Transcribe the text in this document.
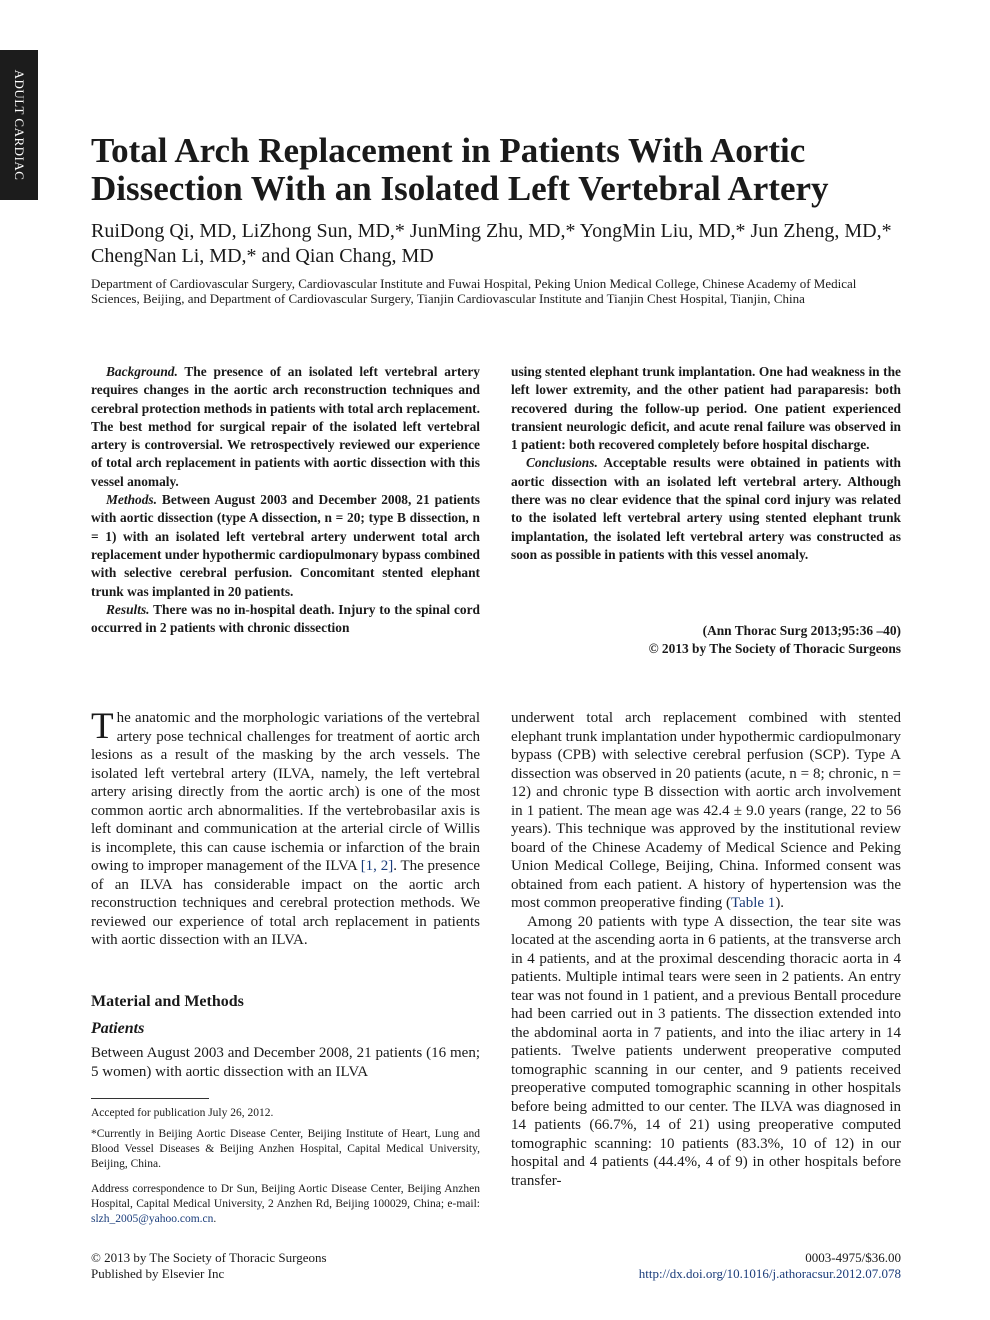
ADULT CARDIAC Total Arch Replacement in Patients With Aortic Dissection With an Isolated Left Vertebral Artery

RuiDong Qi, MD, LiZhong Sun, MD,* JunMing Zhu, MD,* YongMin Liu, MD,* Jun Zheng, MD,* ChengNan Li, MD,* and Qian Chang, MD

Department of Cardiovascular Surgery, Cardiovascular Institute and Fuwai Hospital, Peking Union Medical College, Chinese Academy of Medical Sciences, Beijing, and Department of Cardiovascular Surgery, Tianjin Cardiovascular Institute and Tianjin Chest Hospital, Tianjin, China

Background. The presence of an isolated left vertebral artery requires changes in the aortic arch reconstruction techniques and cerebral protection methods in patients with total arch replacement. The best method for surgical repair of the isolated left vertebral artery is controversial. We retrospectively reviewed our experience of total arch replacement in patients with aortic dissection with this vessel anomaly.

Methods. Between August 2003 and December 2008, 21 patients with aortic dissection (type A dissection, n = 20; type B dissection, n = 1) with an isolated left vertebral artery underwent total arch replacement under hypothermic cardiopulmonary bypass combined with selective cerebral perfusion. Concomitant stented elephant trunk was implanted in 20 patients.

Results. There was no in-hospital death. Injury to the spinal cord occurred in 2 patients with chronic dissection

using stented elephant trunk implantation. One had weakness in the left lower extremity, and the other patient had paraparesis: both recovered during the follow-up period. One patient experienced transient neurologic deficit, and acute renal failure was observed in 1 patient: both recovered completely before hospital discharge.

Conclusions. Acceptable results were obtained in patients with aortic dissection with an isolated left vertebral artery. Although there was no clear evidence that the spinal cord injury was related to the isolated left vertebral artery using stented elephant trunk implantation, the isolated left vertebral artery was constructed as soon as possible in patients with this vessel anomaly.

(Ann Thorac Surg 2013;95:36 –40)

© 2013 by The Society of Thoracic Surgeons

The anatomic and the morphologic variations of the vertebral artery pose technical challenges for treatment of aortic arch lesions as a result of the masking by the arch vessels. The isolated left vertebral artery (ILVA, namely, the left vertebral artery arising directly from the aortic arch) is one of the most common aortic arch abnormalities. If the vertebrobasilar axis is left dominant and communication at the arterial circle of Willis is incomplete, this can cause ischemia or infarction of the brain owing to improper management of the ILVA [1, 2]. The presence of an ILVA has considerable impact on the aortic arch reconstruction techniques and cerebral protection methods. We reviewed our experience of total arch replacement in patients with aortic dissection with an ILVA.

Material and Methods
Patients

Between August 2003 and December 2008, 21 patients (16 men; 5 women) with aortic dissection with an ILVA

Accepted for publication July 26, 2012.

*Currently in Beijing Aortic Disease Center, Beijing Institute of Heart, Lung and Blood Vessel Diseases & Beijing Anzhen Hospital, Capital Medical University, Beijing, China.

Address correspondence to Dr Sun, Beijing Aortic Disease Center, Beijing Anzhen Hospital, Capital Medical University, 2 Anzhen Rd, Beijing 100029, China; e-mail: slzh_2005@yahoo.com.cn.

underwent total arch replacement combined with stented elephant trunk implantation under hypothermic cardiopulmonary bypass (CPB) with selective cerebral perfusion (SCP). Type A dissection was observed in 20 patients (acute, n = 8; chronic, n = 12) and chronic type B dissection with aortic arch involvement in 1 patient. The mean age was 42.4 ± 9.0 years (range, 22 to 56 years). This technique was approved by the institutional review board of the Chinese Academy of Medical Science and Peking Union Medical College, Beijing, China. Informed consent was obtained from each patient. A history of hypertension was the most common preoperative finding (Table 1).

Among 20 patients with type A dissection, the tear site was located at the ascending aorta in 6 patients, at the transverse arch in 4 patients, and at the proximal descending thoracic aorta in 4 patients. Multiple intimal tears were seen in 2 patients. An entry tear was not found in 1 patient, and a previous Bentall procedure had been carried out in 3 patients. The dissection extended into the abdominal aorta in 7 patients, and into the iliac artery in 14 patients. Twelve patients underwent preoperative computed tomographic scanning in our center, and 9 patients received preoperative computed tomographic scanning in other hospitals before being admitted to our center. The ILVA was diagnosed in 14 patients (66.7%, 14 of 21) using preoperative computed tomographic scanning: 10 patients (83.3%, 10 of 12) in our hospital and 4 patients (44.4%, 4 of 9) in other hospitals before transfer-

© 2013 by The Society of Thoracic Surgeons
Published by Elsevier Inc
0003-4975/$36.00
http://dx.doi.org/10.1016/j.athoracsur.2012.07.078
